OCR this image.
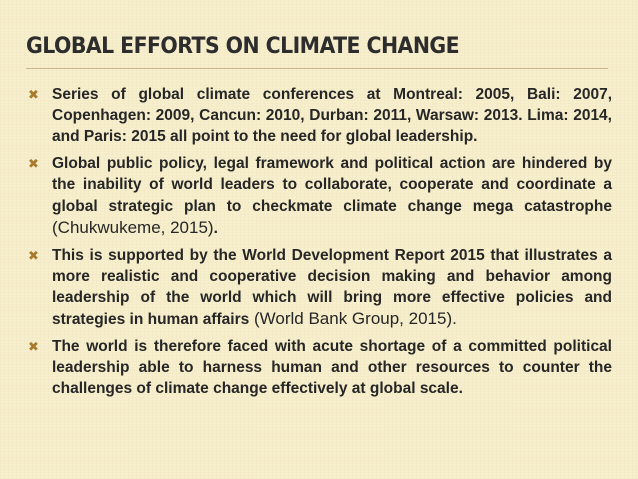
GLOBAL EFFORTS ON CLIMATE CHANGE
✖ Series of global climate conferences at Montreal: 2005, Bali: 2007, Copenhagen: 2009, Cancun: 2010, Durban: 2011, Warsaw: 2013. Lima: 2014, and Paris: 2015 all point to the need for global leadership.
✖ Global public policy, legal framework and political action are hindered by the inability of world leaders to collaborate, cooperate and coordinate a global strategic plan to checkmate climate change mega catastrophe (Chukwukeme, 2015).
✖ This is supported by the World Development Report 2015 that illustrates a more realistic and cooperative decision making and behavior among leadership of the world which will bring more effective policies and strategies in human affairs (World Bank Group, 2015).
✖ The world is therefore faced with acute shortage of a committed political leadership able to harness human and other resources to counter the challenges of climate change effectively at global scale.
